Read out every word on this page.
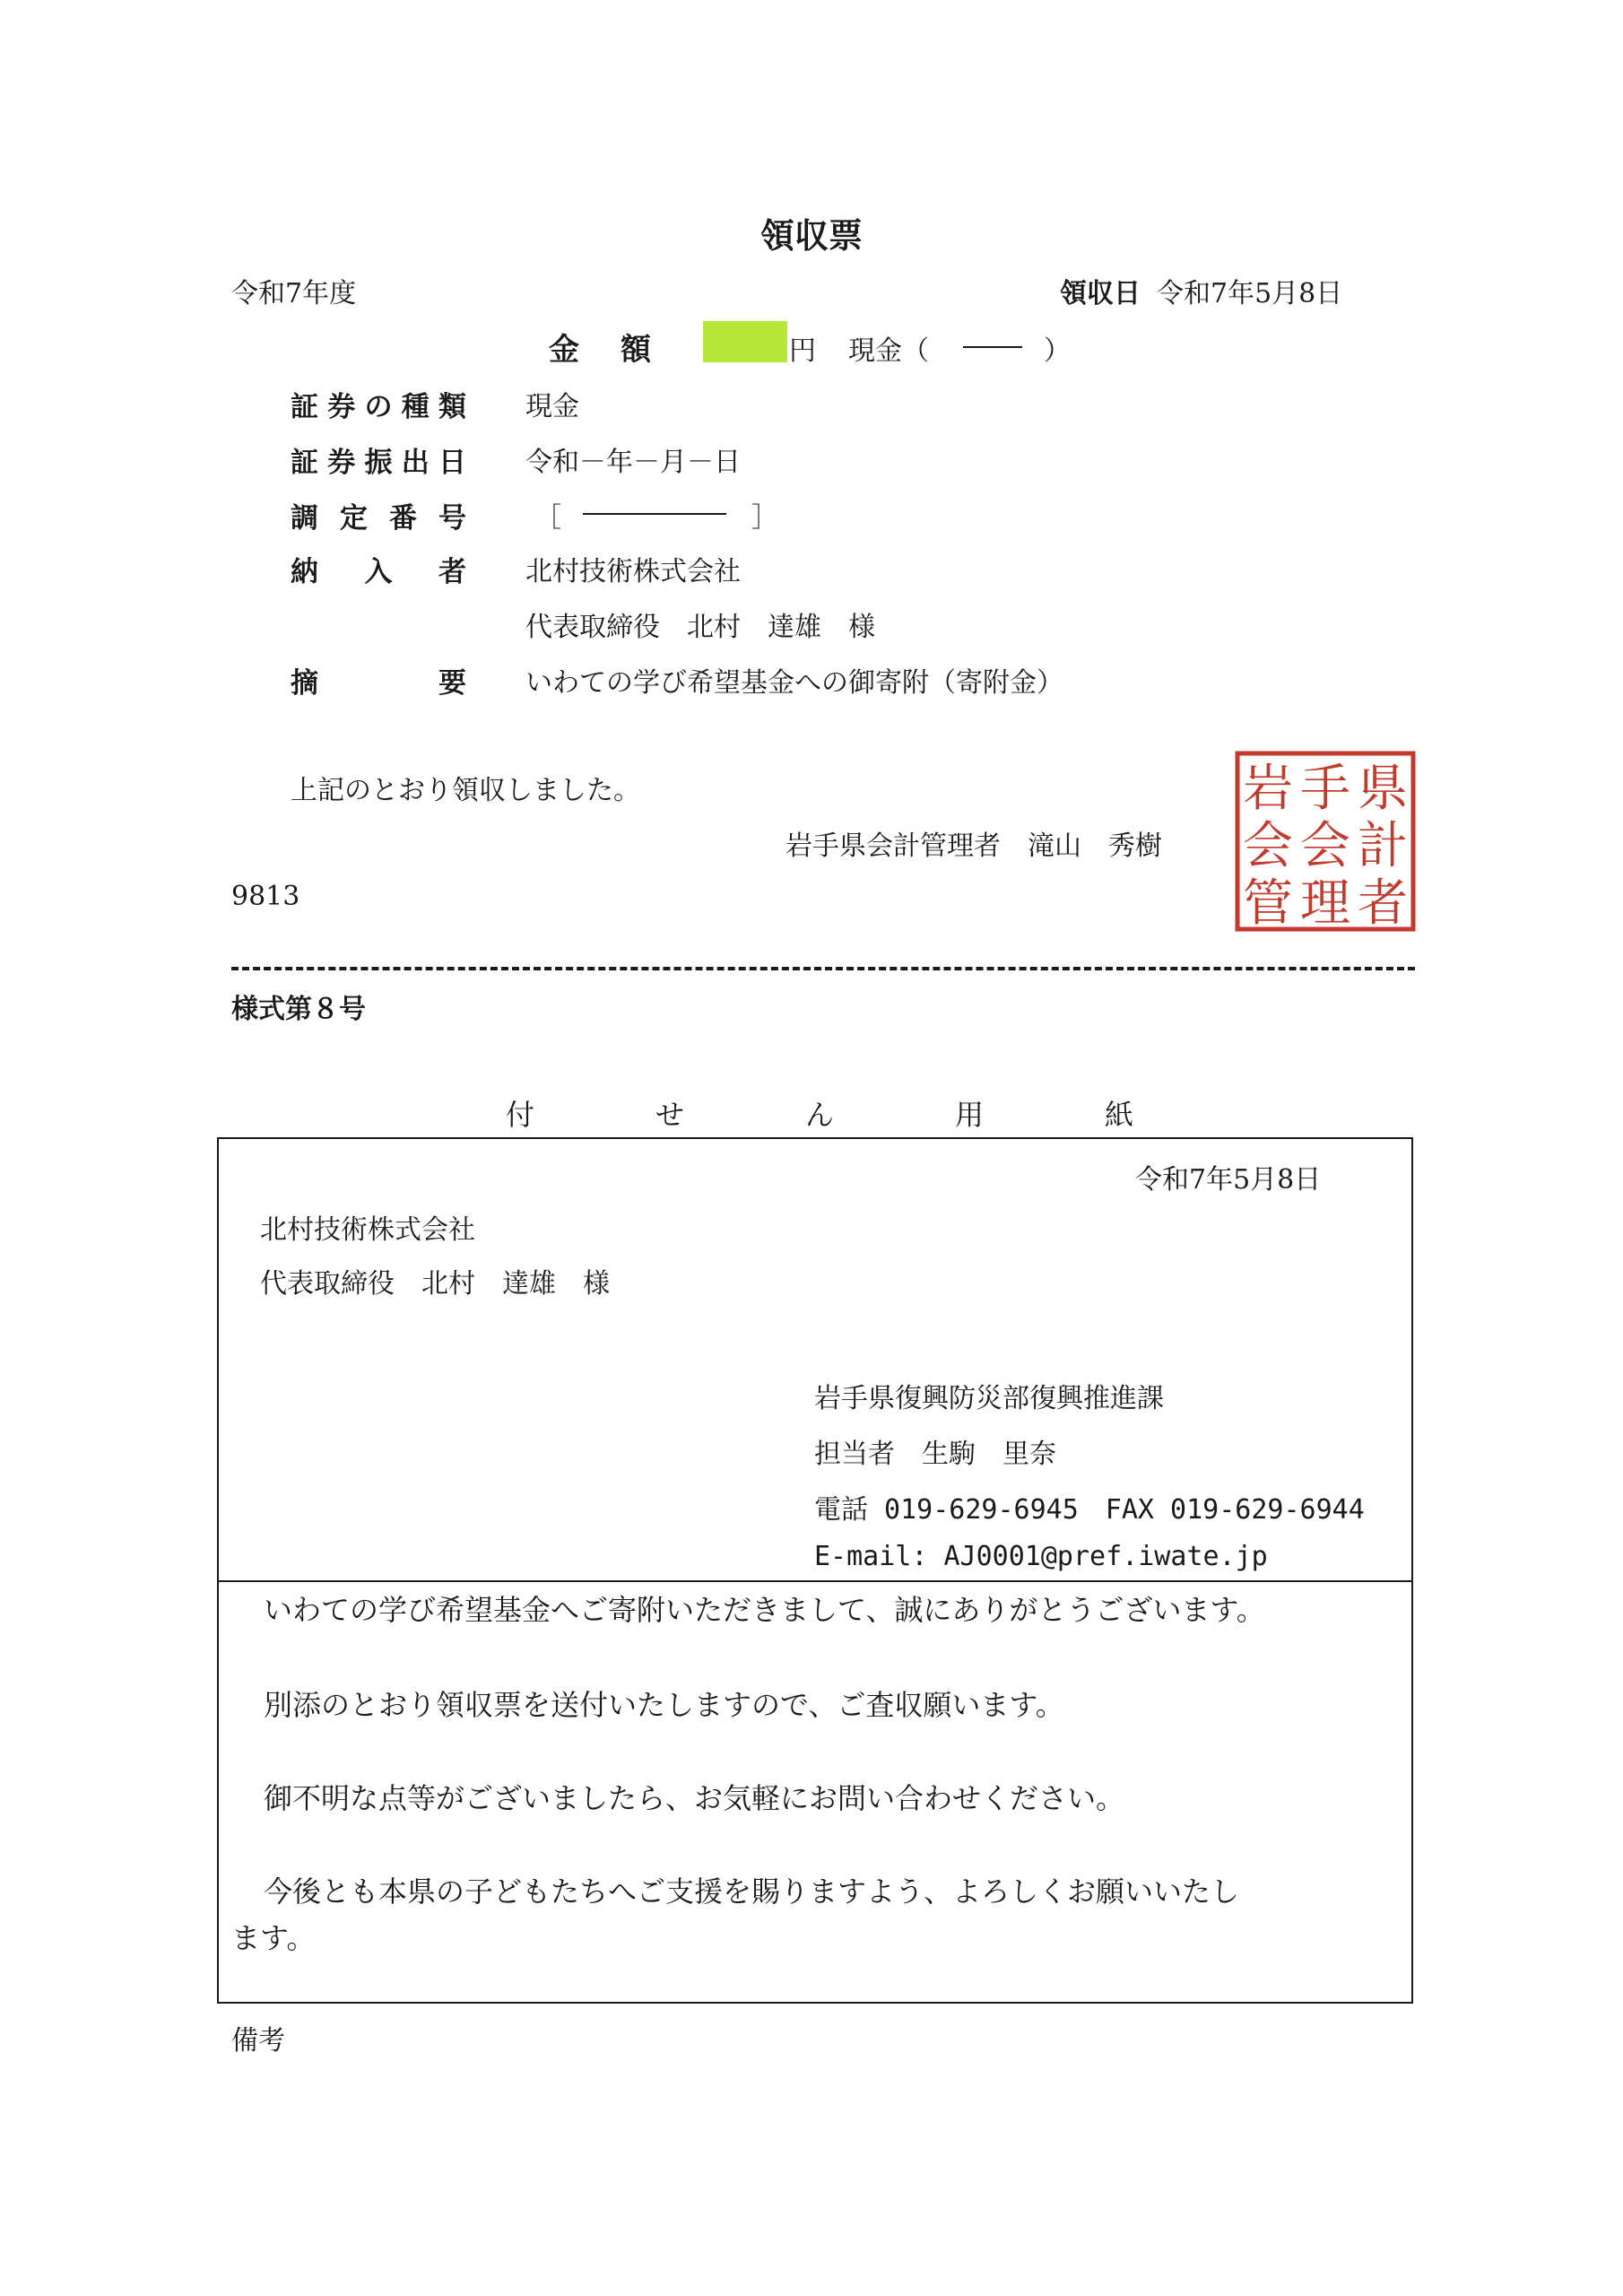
領収票
令和7年度	領収日 令和7年5月8日
金　額	円 現金（	）
証 券 の 種 類 現金
証 券 振 出 日 令和－年－月－日
調 定 番 号	［	］
納 入 者 北村技術株式会社
代表取締役　北村　達雄　様
摘	要 いわての学び希望基金への御寄附（寄附金）
上記のとおり領収しました。
岩手県会計管理者　滝山　秀樹
9813
県
計
者
手
会
理
岩
会
管
様式第８号
付	せ	ん	用	紙
令和7年5月8日
北村技術株式会社
代表取締役　北村　達雄　様
岩手県復興防災部復興推進課
担当者　生駒　里奈
電話 019-629-6945　FAX 019-629-6944
E-mail: AJ0001@pref.iwate.jp
いわての学び希望基金へご寄附いただきまして、誠にありがとうございます。
別添のとおり領収票を送付いたしますので、ご査収願います。
御不明な点等がございましたら、お気軽にお問い合わせください。
今後とも本県の子どもたちへご支援を賜りますよう、よろしくお願いいたし
ます。
備考
